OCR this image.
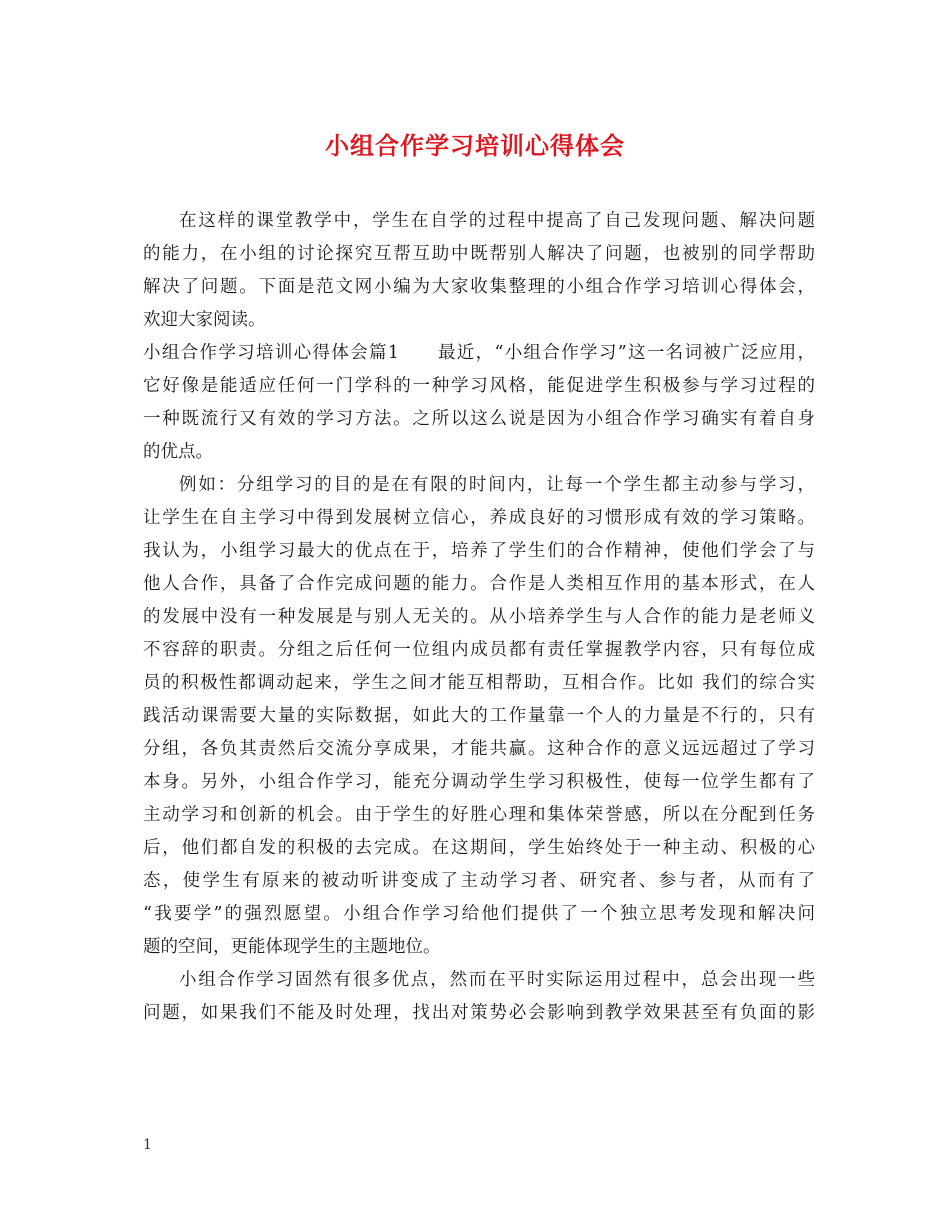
小组合作学习培训心得体会
在这样的课堂教学中，学生在自学的过程中提高了自己发现问题、解决问题
的能力，在小组的讨论探究互帮互助中既帮别人解决了问题，也被别的同学帮助
解决了问题。下面是范文网小编为大家收集整理的小组合作学习培训心得体会，
欢迎大家阅读。
小组合作学习培训心得体会篇1　　最近，“小组合作学习”这一名词被广泛应用，
它好像是能适应任何一门学科的一种学习风格，能促进学生积极参与学习过程的
一种既流行又有效的学习方法。之所以这么说是因为小组合作学习确实有着自身
的优点。
例如：分组学习的目的是在有限的时间内，让每一个学生都主动参与学习，
让学生在自主学习中得到发展树立信心，养成良好的习惯形成有效的学习策略。
我认为，小组学习最大的优点在于，培养了学生们的合作精神，使他们学会了与
他人合作，具备了合作完成问题的能力。合作是人类相互作用的基本形式，在人
的发展中没有一种发展是与别人无关的。从小培养学生与人合作的能力是老师义
不容辞的职责。分组之后任何一位组内成员都有责任掌握教学内容，只有每位成
员的积极性都调动起来，学生之间才能互相帮助，互相合作。比如 我们的综合实
践活动课需要大量的实际数据，如此大的工作量靠一个人的力量是不行的，只有
分组，各负其责然后交流分享成果，才能共赢。这种合作的意义远远超过了学习
本身。另外，小组合作学习，能充分调动学生学习积极性，使每一位学生都有了
主动学习和创新的机会。由于学生的好胜心理和集体荣誉感，所以在分配到任务
后，他们都自发的积极的去完成。在这期间，学生始终处于一种主动、积极的心
态，使学生有原来的被动听讲变成了主动学习者、研究者、参与者，从而有了
“我要学”的强烈愿望。小组合作学习给他们提供了一个独立思考发现和解决问
题的空间，更能体现学生的主题地位。
小组合作学习固然有很多优点，然而在平时实际运用过程中，总会出现一些
问题，如果我们不能及时处理，找出对策势必会影响到教学效果甚至有负面的影
1
